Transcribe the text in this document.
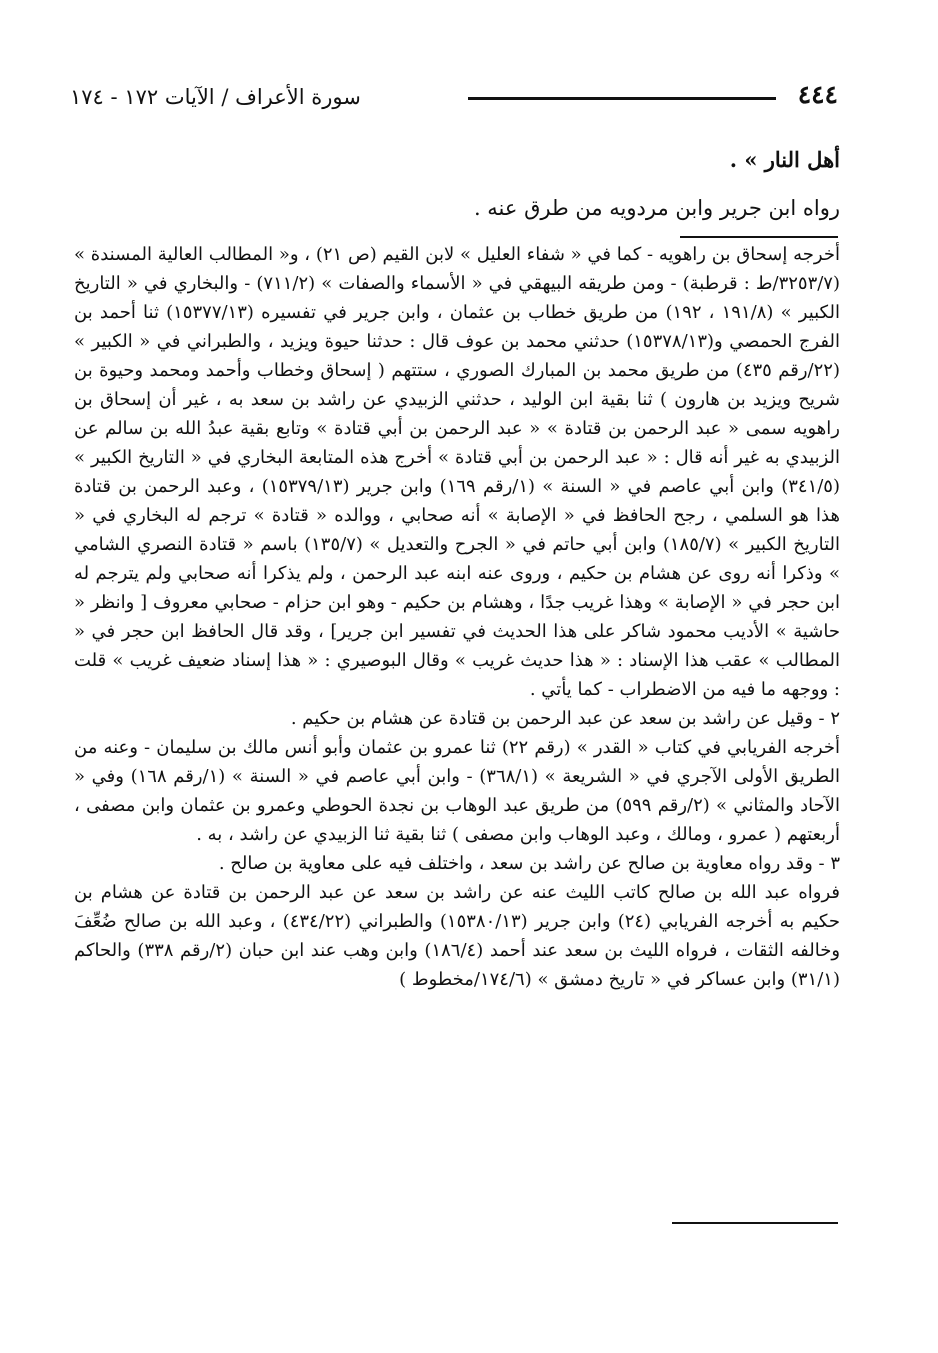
٤٤٤
سورة الأعراف / الآيات ١٧٢ - ١٧٤

أهل النار » .

رواه ابن جرير وابن مردويه من طرق عنه .

أخرجه إسحاق بن راهويه - كما في « شفاء العليل » لابن القيم (ص ٢١) ، و« المطالب العالية المسندة » (٣٢٥٣/٧/ط : قرطبة) - ومن طريقه البيهقي في « الأسماء والصفات » (٧١١/٢) - والبخاري في « التاريخ الكبير » (١٩١/٨ ، ١٩٢) من طريق خطاب بن عثمان ، وابن جرير في تفسيره (١٥٣٧٧/١٣) ثنا أحمد بن الفرج الحمصي و(١٥٣٧٨/١٣) حدثني محمد بن عوف قال : حدثنا حيوة ويزيد ، والطبراني في « الكبير » (٢٢/رقم ٤٣٥) من طريق محمد بن المبارك الصوري ، ستتهم ( إسحاق وخطاب وأحمد ومحمد وحيوة بن شريح ويزيد بن هارون ) ثنا بقية ابن الوليد ، حدثني الزبيدي عن راشد بن سعد به ، غير أن إسحاق بن راهويه سمى « عبد الرحمن بن قتادة » « عبد الرحمن بن أبي قتادة » وتابع بقية عبدُ الله بن سالم عن الزبيدي به غير أنه قال : « عبد الرحمن بن أبي قتادة » أخرج هذه المتابعة البخاري في « التاريخ الكبير » (٣٤١/٥) وابن أبي عاصم في « السنة » (١/رقم ١٦٩) وابن جرير (١٥٣٧٩/١٣) ، وعبد الرحمن بن قتادة هذا هو السلمي ، رجح الحافظ في « الإصابة » أنه صحابي ، ووالده « قتادة » ترجم له البخاري في « التاريخ الكبير » (١٨٥/٧) وابن أبي حاتم في « الجرح والتعديل » (١٣٥/٧) باسم « قتادة النصري الشامي » وذكرا أنه روى عن هشام بن حكيم ، وروى عنه ابنه عبد الرحمن ، ولم يذكرا أنه صحابي ولم يترجم له ابن حجر في « الإصابة » وهذا غريب جدًا ، وهشام بن حكيم - وهو ابن حزام - صحابي معروف [ وانظر « حاشية » الأديب محمود شاكر على هذا الحديث في تفسير ابن جرير] ، وقد قال الحافظ ابن حجر في « المطالب » عقب هذا الإسناد : « هذا حديث غريب » وقال البوصيري : « هذا إسناد ضعيف غريب » قلت : ووجهه ما فيه من الاضطراب - كما يأتي .

٢ - وقيل عن راشد بن سعد عن عبد الرحمن بن قتادة عن هشام بن حكيم .

أخرجه الفريابي في كتاب « القدر » (رقم ٢٢) ثنا عمرو بن عثمان وأبو أنس مالك بن سليمان - وعنه من الطريق الأولى الآجري في « الشريعة » (٣٦٨/١) - وابن أبي عاصم في « السنة » (١/رقم ١٦٨) وفي « الآحاد والمثاني » (٢/رقم ٥٩٩) من طريق عبد الوهاب بن نجدة الحوطي وعمرو بن عثمان وابن مصفى ، أربعتهم ( عمرو ، ومالك ، وعبد الوهاب وابن مصفى ) ثنا بقية ثنا الزبيدي عن راشد ، به .

٣ - وقد رواه معاوية بن صالح عن راشد بن سعد ، واختلف فيه على معاوية بن صالح .

فرواه عبد الله بن صالح كاتب الليث عنه عن راشد بن سعد عن عبد الرحمن بن قتادة عن هشام بن حكيم به أخرجه الفريابي (٢٤) وابن جرير (١٥٣٨٠/١٣) والطبراني (٤٣٤/٢٢) ، وعبد الله بن صالح ضُعِّفَ وخالفه الثقات ، فرواه الليث بن سعد عند أحمد (١٨٦/٤) وابن وهب عند ابن حبان (٢/رقم ٣٣٨) والحاكم (٣١/١) وابن عساكر في « تاريخ دمشق » (١٧٤/٦/مخطوط )
